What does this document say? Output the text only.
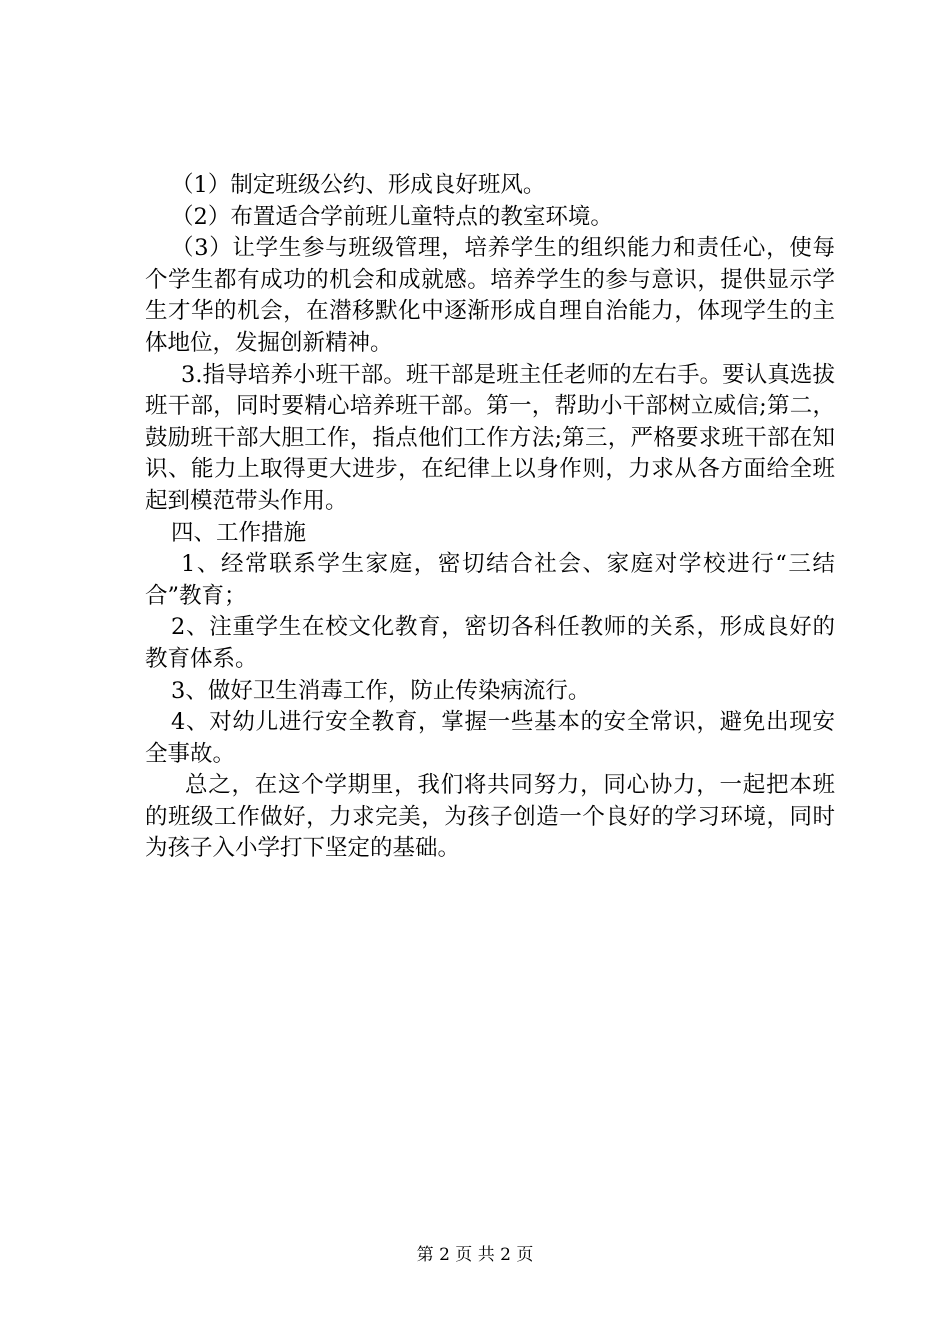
（1）制定班级公约、形成良好班风。

（2）布置适合学前班儿童特点的教室环境。

（3）让学生参与班级管理，培养学生的组织能力和责任心，使每个学生都有成功的机会和成就感。培养学生的参与意识，提供显示学生才华的机会，在潜移默化中逐渐形成自理自治能力，体现学生的主体地位，发掘创新精神。

3.指导培养小班干部。班干部是班主任老师的左右手。要认真选拔班干部，同时要精心培养班干部。第一，帮助小干部树立威信;第二，鼓励班干部大胆工作，指点他们工作方法;第三，严格要求班干部在知识、能力上取得更大进步，在纪律上以身作则，力求从各方面给全班起到模范带头作用。

四、工作措施

1、经常联系学生家庭，密切结合社会、家庭对学校进行“三结合”教育；

2、注重学生在校文化教育，密切各科任教师的关系，形成良好的教育体系。

3、做好卫生消毒工作，防止传染病流行。

4、对幼儿进行安全教育，掌握一些基本的安全常识，避免出现安全事故。

总之，在这个学期里，我们将共同努力，同心协力，一起把本班的班级工作做好，力求完美，为孩子创造一个良好的学习环境，同时为孩子入小学打下坚定的基础。

第 2 页 共 2 页
